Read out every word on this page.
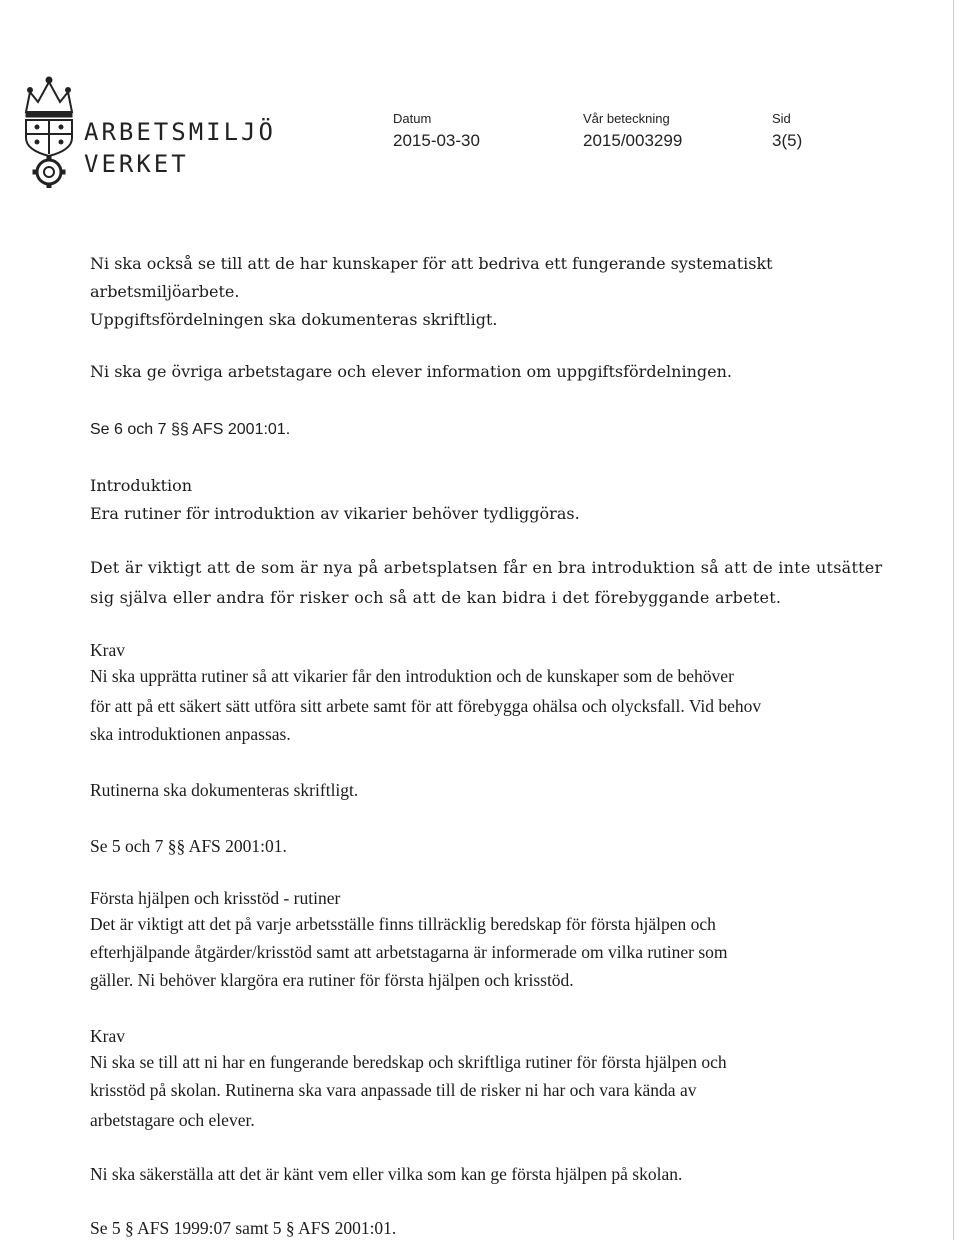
ARBETSMILJÖ
VERKET
Datum
2015-03-30
Vår beteckning
2015/003299
Sid
3(5)
Ni ska också se till att de har kunskaper för att bedriva ett fungerande systematiskt
arbetsmiljöarbete.
Uppgiftsfördelningen ska dokumenteras skriftligt.
Ni ska ge övriga arbetstagare och elever information om uppgiftsfördelningen.
Se 6 och 7 §§ AFS 2001:01.
Introduktion
Era rutiner för introduktion av vikarier behöver tydliggöras.
Det är viktigt att de som är nya på arbetsplatsen får en bra introduktion så att de inte utsätter
sig själva eller andra för risker och så att de kan bidra i det förebyggande arbetet.
Krav
Ni ska upprätta rutiner så att vikarier får den introduktion och de kunskaper som de behöver
för att på ett säkert sätt utföra sitt arbete samt för att förebygga ohälsa och olycksfall. Vid behov
ska introduktionen anpassas.
Rutinerna ska dokumenteras skriftligt.
Se 5 och 7 §§ AFS 2001:01.
Första hjälpen och krisstöd - rutiner
Det är viktigt att det på varje arbetsställe finns tillräcklig beredskap för första hjälpen och
efterhjälpande åtgärder/krisstöd samt att arbetstagarna är informerade om vilka rutiner som
gäller. Ni behöver klargöra era rutiner för första hjälpen och krisstöd.
Krav
Ni ska se till att ni har en fungerande beredskap och skriftliga rutiner för första hjälpen och
krisstöd på skolan. Rutinerna ska vara anpassade till de risker ni har och vara kända av
arbetstagare och elever.
Ni ska säkerställa att det är känt vem eller vilka som kan ge första hjälpen på skolan.
Se 5 § AFS 1999:07 samt 5 § AFS 2001:01.
